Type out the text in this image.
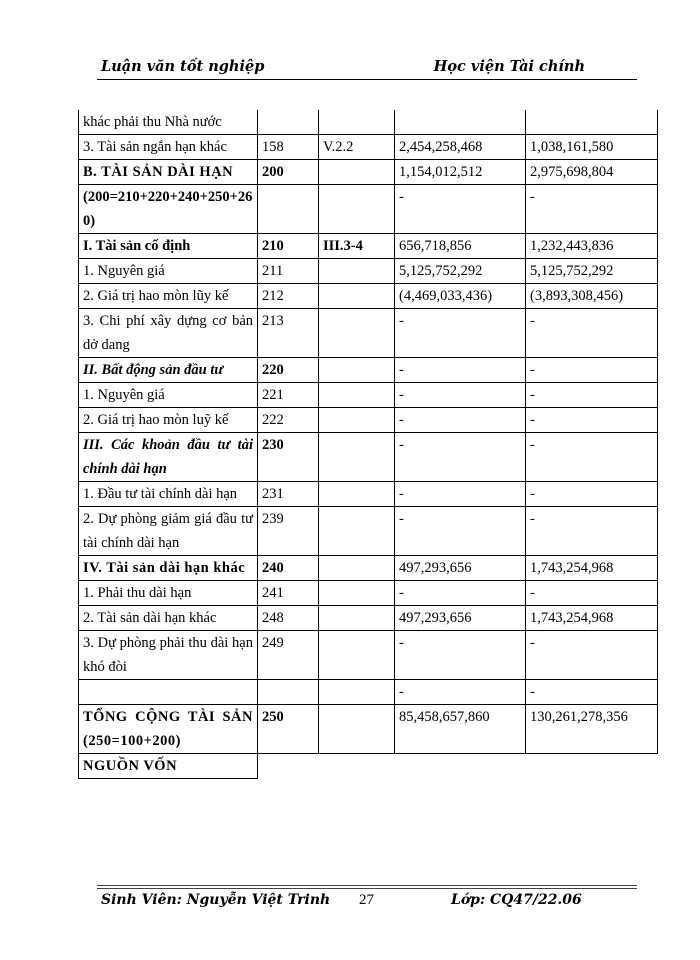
Luận văn tốt nghiệp	Học viện Tài chính
khác phải thu Nhà nước				
3. Tài sản ngắn hạn khác	158	V.2.2	2,454,258,468	1,038,161,580
B. TÀI SẢN DÀI HẠN	200		1,154,012,512	2,975,698,804
(200=210+220+240+250+260)			-	-
I. Tài sản cố định	210	III.3-4	656,718,856	1,232,443,836
1. Nguyên giá	211		5,125,752,292	5,125,752,292
2. Giá trị hao mòn lũy kế	212		(4,469,033,436)	(3,893,308,456)
3. Chi phí xây dựng cơ bản dở dang	213		-	-
II. Bất động sản đầu tư	220		-	-
1. Nguyên giá	221		-	-
2. Giá trị hao mòn luỹ kế	222		-	-
III. Các khoản đầu tư tài chính dài hạn	230		-	-
1. Đầu tư tài chính dài hạn	231		-	-
2. Dự phòng giảm giá đầu tư tài chính dài hạn	239		-	-
IV. Tài sản dài hạn khác	240		497,293,656	1,743,254,968
1. Phải thu dài hạn	241		-	-
2. Tài sản dài hạn khác	248		497,293,656	1,743,254,968
3. Dự phòng phải thu dài hạn khó đòi	249		-	-
			-	-
TỔNG CỘNG TÀI SẢN (250=100+200)	250		85,458,657,860	130,261,278,356
NGUỒN VỐN				
Sinh Viên: Nguyễn Việt Trinh 27	Lớp: CQ47/22.06
